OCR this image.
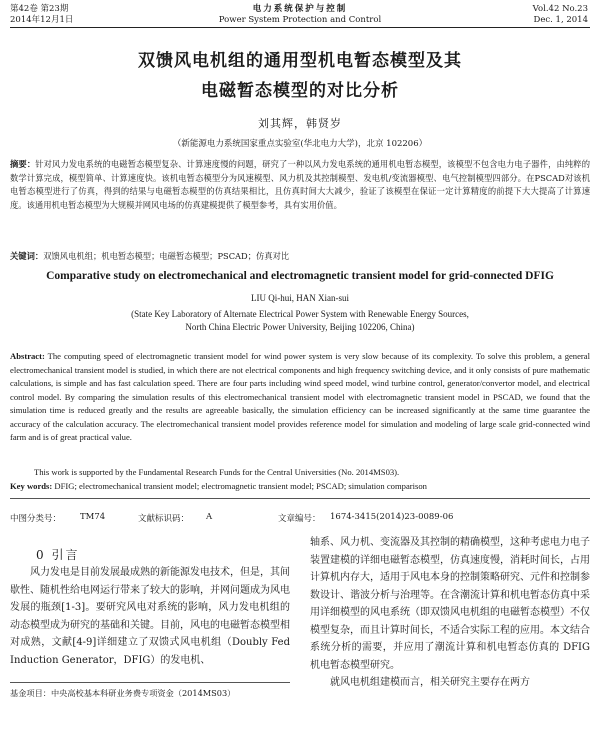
第42卷 第23期
2014年12月1日
电力系统保护与控制
Power System Protection and Control
Vol.42 No.23
Dec. 1, 2014
双馈风电机组的通用型机电暂态模型及其
电磁暂态模型的对比分析
刘其辉，韩贤岁
（新能源电力系统国家重点实验室(华北电力大学)，北京 102206）
摘要：针对风力发电系统的电磁暂态模型复杂、计算速度慢的问题，研究了一种以风力发电系统的通用机电暂态模型，该模型不包含电力电子器件，由纯粹的数学计算完成，模型简单、计算速度快。该机电暂态模型分为风速模型、风力机及其控制模型、发电机/变流器模型、电气控制模型四部分。在PSCAD对该机电暂态模型进行了仿真，得到的结果与电磁暂态模型的仿真结果相比，且仿真时间大大减少，验证了该模型在保证一定计算精度的前提下大大提高了计算速度。该通用机电暂态模型为大规模并网风电场的仿真建模提供了模型参考，具有实用价值。
关键词：双馈风电机组；机电暂态模型；电磁暂态模型；PSCAD；仿真对比
Comparative study on electromechanical and electromagnetic transient model for grid-connected DFIG
LIU Qi-hui, HAN Xian-sui
(State Key Laboratory of Alternate Electrical Power System with Renewable Energy Sources,
North China Electric Power University, Beijing 102206, China)
Abstract: The computing speed of electromagnetic transient model for wind power system is very slow because of its complexity. To solve this problem, a general electromechanical transient model is studied, in which there are not electrical components and high frequency switching device, and it only consists of pure mathematic calculations, is simple and has fast calculation speed. There are four parts including wind speed model, wind turbine control, generator/convertor model, and electrical control model. By comparing the simulation results of this electromechanical transient model with electromagnetic transient model in PSCAD, we found that the simulation time is reduced greatly and the results are agreeable basically, the simulation efficiency can be increased significantly at the same time guarantee the accuracy of the calculation accuracy. The electromechanical transient model provides reference model for simulation and modeling of large scale grid-connected wind farm and is of great practical value.
This work is supported by the Fundamental Research Funds for the Central Universities (No. 2014MS03).
Key words: DFIG; electromechanical transient model; electromagnetic transient model; PSCAD; simulation comparison
中图分类号： TM74	文献标识码： A	文章编号： 1674-3415(2014)23-0089-06
0 引言
风力发电是目前发展最成熟的新能源发电技术，但是，其间歇性、随机性给电网运行带来了较大的影响，并网问题成为风电发展的瓶颈[1-3]。要研究风电对系统的影响，风力发电机组的动态模型成为研究的基础和关键。目前，风电的电磁暂态模型相对成熟，文献[4-9]详细建立了双馈式风电机组（Doubly Fed Induction Generator，DFIG）的发电机、

轴系、风力机、变流器及其控制的精确模型，这种考虑电力电子装置建模的详细电磁暂态模型，仿真速度慢，消耗时间长，占用计算机内存大，适用于风电本身的控制策略研究、元件和控制参数设计、谐波分析与治理等。在含潮流计算和机电暂态仿真中采用详细模型的风电系统（即双馈风电机组的电磁暂态模型）不仅模型复杂，而且计算时间长，不适合实际工程的应用。本文结合系统分析的需要，并应用了潮流计算和机电暂态仿真的 DFIG 机电暂态模型研究。

就风电机组建模而言，相关研究主要存在两方

基金项目：中央高校基本科研业务费专项资金（2014MS03）
